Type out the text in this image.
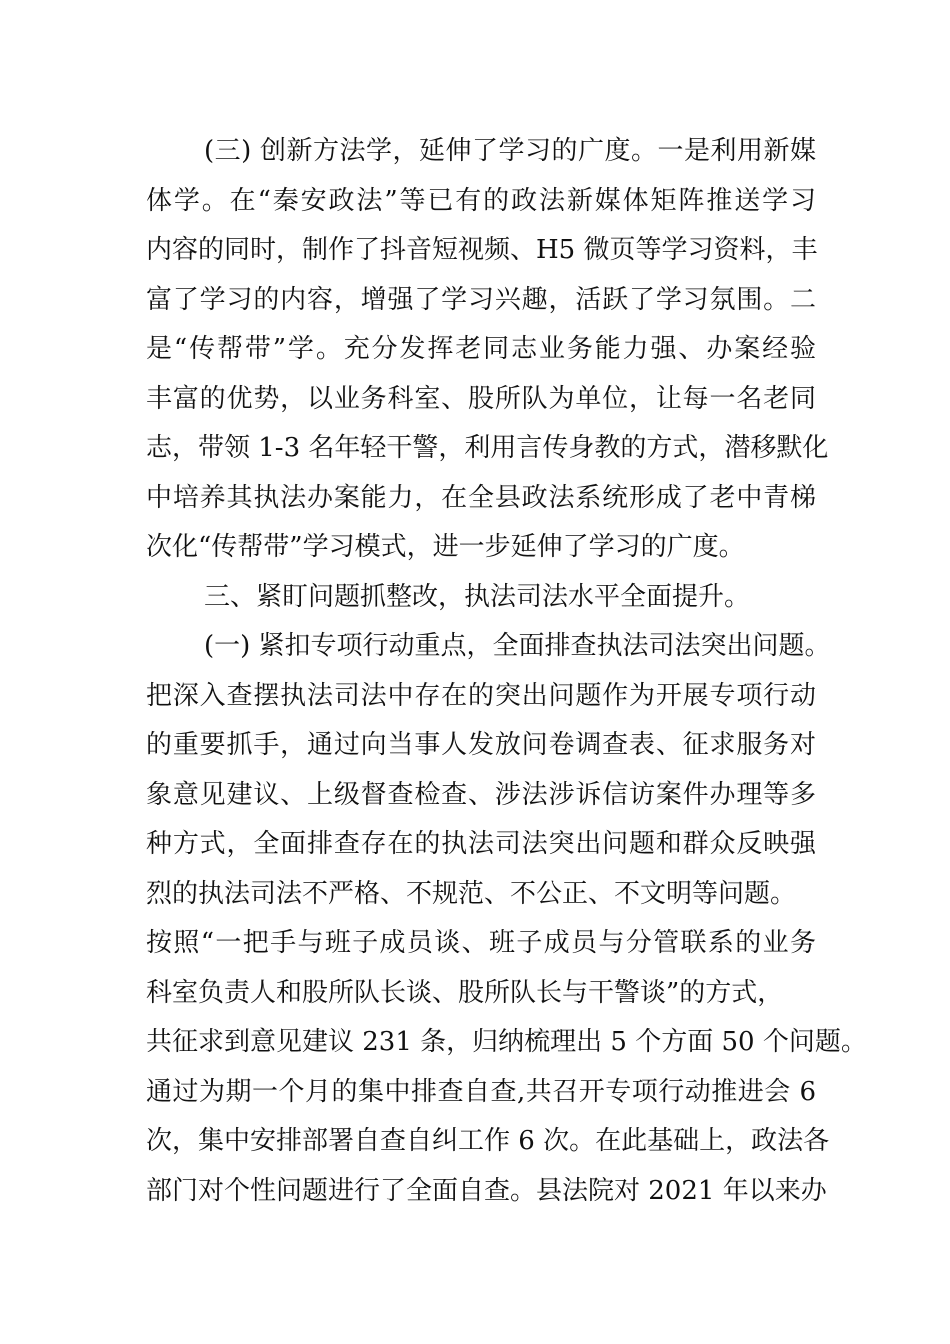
(三) 创新方法学，延伸了学习的广度。一是利用新媒
体学。在“秦安政法”等已有的政法新媒体矩阵推送学习
内容的同时，制作了抖音短视频、H5 微页等学习资料，丰
富了学习的内容，增强了学习兴趣，活跃了学习氛围。二
是“传帮带”学。充分发挥老同志业务能力强、办案经验
丰富的优势，以业务科室、股所队为单位，让每一名老同
志，带领 1-3 名年轻干警，利用言传身教的方式，潜移默化
中培养其执法办案能力，在全县政法系统形成了老中青梯
次化“传帮带”学习模式，进一步延伸了学习的广度。
三、紧盯问题抓整改，执法司法水平全面提升。
(一) 紧扣专项行动重点，全面排查执法司法突出问题。
把深入查摆执法司法中存在的突出问题作为开展专项行动
的重要抓手，通过向当事人发放问卷调查表、征求服务对
象意见建议、上级督查检查、涉法涉诉信访案件办理等多
种方式，全面排查存在的执法司法突出问题和群众反映强
烈的执法司法不严格、不规范、不公正、不文明等问题。
按照“一把手与班子成员谈、班子成员与分管联系的业务
科室负责人和股所队长谈、股所队长与干警谈”的方式，
共征求到意见建议 231 条，归纳梳理出 5 个方面 50 个问题。
通过为期一个月的集中排查自查,共召开专项行动推进会 6
次，集中安排部署自查自纠工作 6 次。在此基础上，政法各
部门对个性问题进行了全面自查。县法院对 2021 年以来办
